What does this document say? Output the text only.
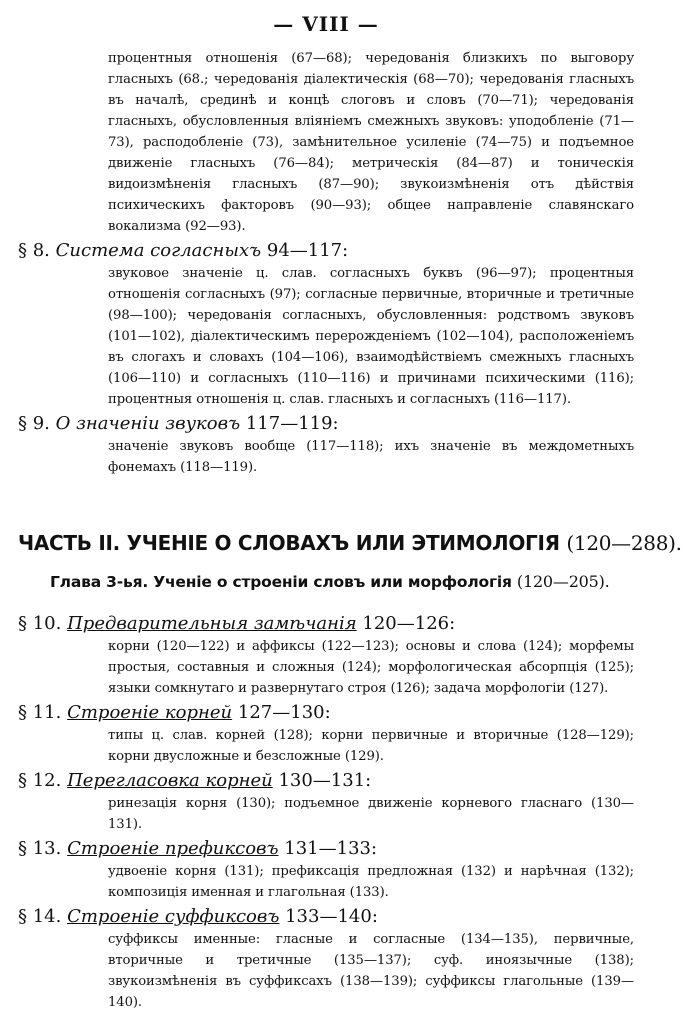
— VIII —
процентныя отношенія (67—68); чередованія близкихъ по выговору гласныхъ (68.; чередованія діалектическія (68—70); чередованія гласныхъ въ началѣ, срединѣ и концѣ слоговъ и словъ (70—71); чередованія гласныхъ, обусловленныя вліяніемъ смежныхъ звуковъ: уподобленіе (71—73), расподобленіе (73), замѣнительное усиленіе (74—75) и подъемное движеніе гласныхъ (76—84); метрическія (84—87) и тоническія видоизмѣненія гласныхъ (87—90); звукоизмѣненія отъ дѣйствія психическихъ факторовъ (90—93); общее направленіе славянскаго вокализма (92—93).
§ 8. Система согласныхъ 94—117:
звуковое значеніе ц. слав. согласныхъ буквъ (96—97); процентныя отношенія согласныхъ (97); согласные первичные, вторичные и третичные (98—100); чередованія согласныхъ, обусловленныя: родствомъ звуковъ (101—102), діалектическимъ перерожденіемъ (102—104), расположеніемъ въ слогахъ и словахъ (104—106), взаимодѣйствіемъ смежныхъ гласныхъ (106—110) и согласныхъ (110—116) и причинами психическими (116); процентныя отношенія ц. слав. гласныхъ и согласныхъ (116—117).
§ 9. О значеніи звуковъ 117—119:
значеніе звуковъ вообще (117—118); ихъ значеніе въ междометныхъ фонемахъ (118—119).
ЧАСТЬ II. УЧЕНІЕ О СЛОВАХЪ ИЛИ ЭТИМОЛОГІЯ (120—288).
Глава 3-ья. Ученіе о строеніи словъ или морфологія (120—205).
§ 10. Предварительныя замѣчанія 120—126:
корни (120—122) и аффиксы (122—123); основы и слова (124); морфемы простыя, составныя и сложныя (124); морфологическая абсорпція (125); языки сомкнутаго и развернутаго строя (126); задача морфологіи (127).
§ 11. Строеніе корней 127—130:
типы ц. слав. корней (128); корни первичные и вторичные (128—129); корни двусложные и безсложные (129).
§ 12. Перегласовка корней 130—131:
ринезація корня (130); подъемное движеніе корневого гласнаго (130—131).
§ 13. Строеніе префиксовъ 131—133:
удвоеніе корня (131); префиксація предложная (132) и нарѣчная (132); композиція именная и глагольная (133).
§ 14. Строеніе суффиксовъ 133—140:
суффиксы именные: гласные и согласные (134—135), первичные, вторичные и третичные (135—137); суф. иноязычные (138); звукоизмѣненія въ суффиксахъ (138—139); суффиксы глагольные (139—140).
